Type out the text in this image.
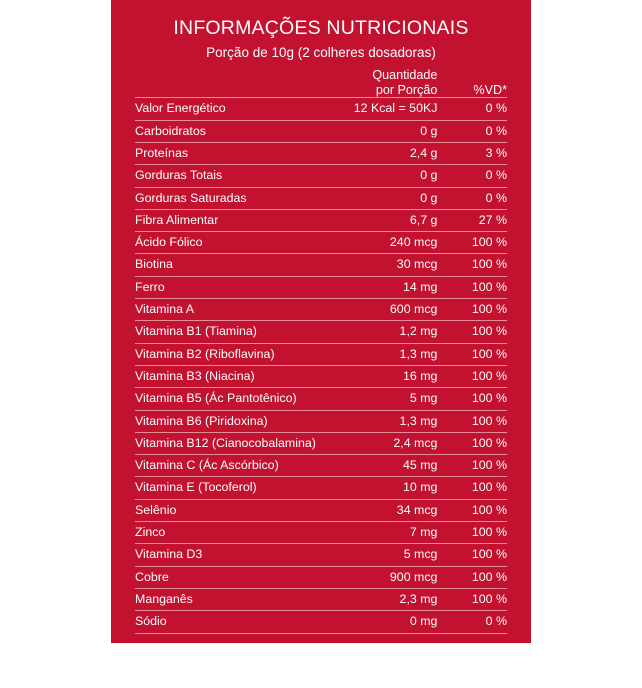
INFORMAÇÕES NUTRICIONAIS
Porção de 10g (2 colheres dosadoras)

	Quantidade
por Porção	%VD*
Valor Energético	12 Kcal = 50KJ	0 %
Carboidratos	0 g	0 %
Proteínas	2,4 g	3 %
Gorduras Totais	0 g	0 %
Gorduras Saturadas	0 g	0 %
Fibra Alimentar	6,7 g	27 %
Ácido Fólico	240 mcg	100 %
Biotina	30 mcg	100 %
Ferro	14 mg	100 %
Vitamina A	600 mcg	100 %
Vitamina B1 (Tiamina)	1,2 mg	100 %
Vitamina B2 (Riboflavina)	1,3 mg	100 %
Vitamina B3 (Niacina)	16 mg	100 %
Vitamina B5 (Ác Pantotênico)	5 mg	100 %
Vitamina B6 (Piridoxina)	1,3 mg	100 %
Vitamina B12 (Cianocobalamina)	2,4 mcg	100 %
Vitamina C (Ác Ascórbico)	45 mg	100 %
Vitamina E (Tocoferol)	10 mg	100 %
Selênio	34 mcg	100 %
Zinco	7 mg	100 %
Vitamina D3	5 mcg	100 %
Cobre	900 mcg	100 %
Manganês	2,3 mg	100 %
Sódio	0 mg	0 %
*% Valores diários com base em uma dieta de 2000Kcal ou 8400Kj. Seus valores diários podem ser maiores ou menores dependendo de suas necessidades energéticas.
